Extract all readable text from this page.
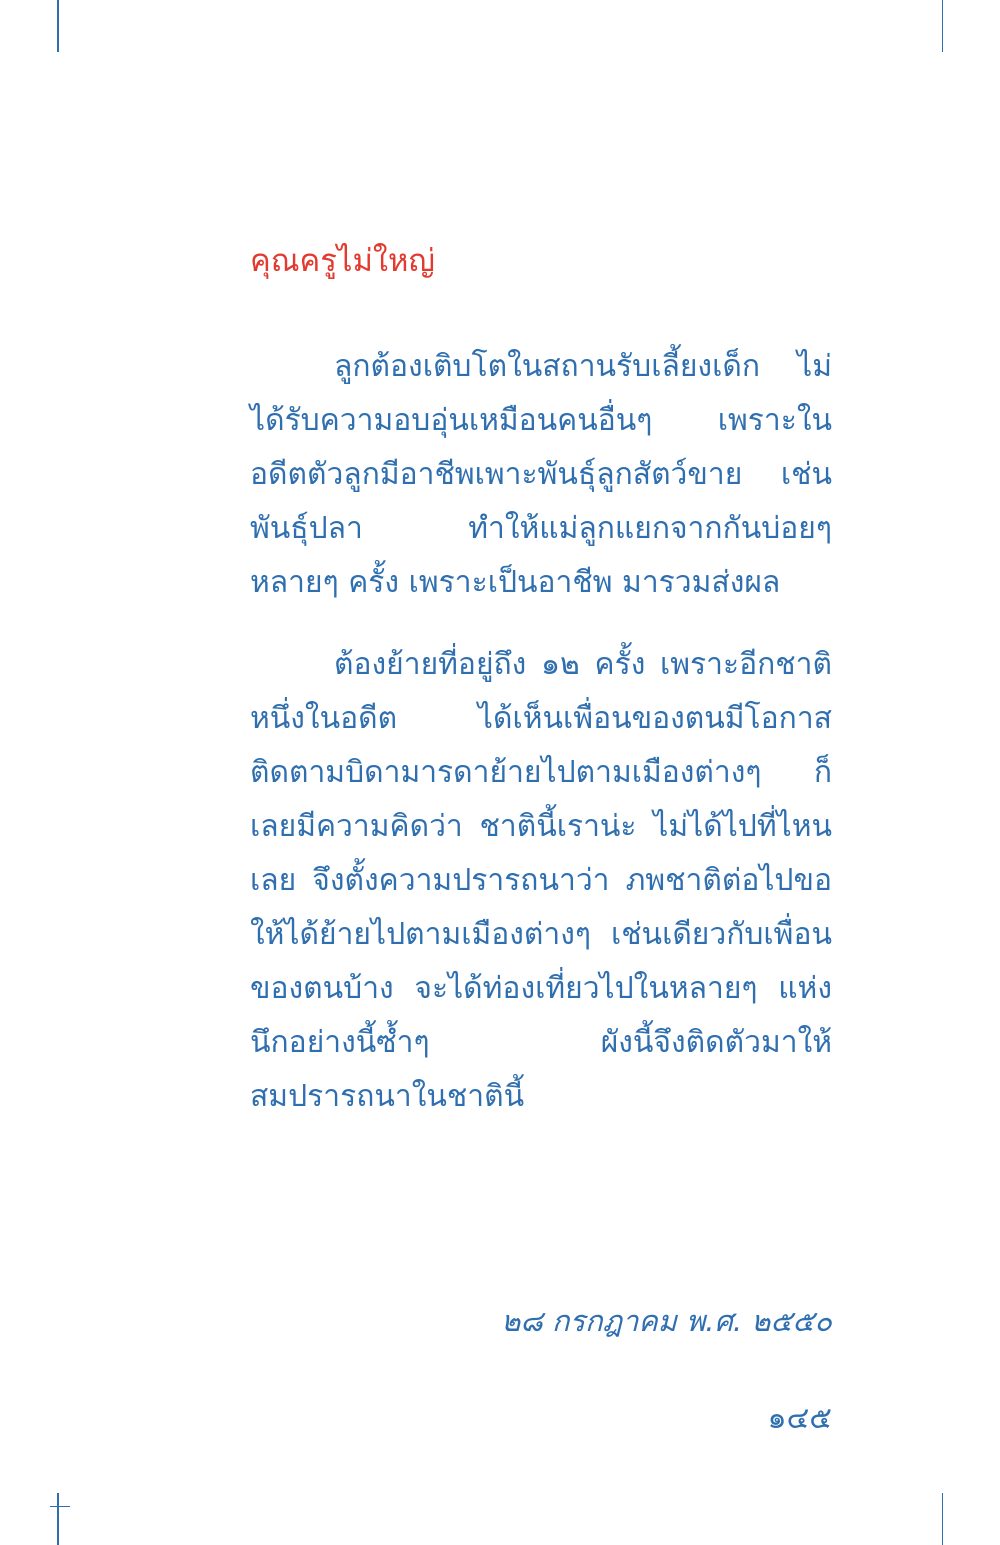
คุณครูไม่ใหญ่

ลูกต้องเติบโตในสถานรับเลี้ยงเด็ก ไม่ได้รับความอบอุ่นเหมือนคนอื่นๆ เพราะในอดีตตัวลูกมีอาชีพเพาะพันธุ์ลูกสัตว์ขาย เช่น พันธุ์ปลา ทำให้แม่ลูกแยกจากกันบ่อยๆ หลายๆ ครั้ง เพราะเป็นอาชีพ มารวมส่งผล

ต้องย้ายที่อยู่ถึง ๑๒ ครั้ง เพราะอีกชาติหนึ่งในอดีต ได้เห็นเพื่อนของตนมีโอกาสติดตามบิดามารดาย้ายไปตามเมืองต่างๆ ก็เลยมีความคิดว่า ชาตินี้เราน่ะ ไม่ได้ไปที่ไหนเลย จึงตั้งความปรารถนาว่า ภพชาติต่อไปขอให้ได้ย้ายไปตามเมืองต่างๆ เช่นเดียวกับเพื่อนของตนบ้าง จะได้ท่องเที่ยวไปในหลายๆ แห่ง นึกอย่างนี้ซ้ำๆ ผังนี้จึงติดตัวมาให้สมปรารถนาในชาตินี้

๒๘ กรกฎาคม พ.ศ. ๒๕๕๐
๑๔๕
